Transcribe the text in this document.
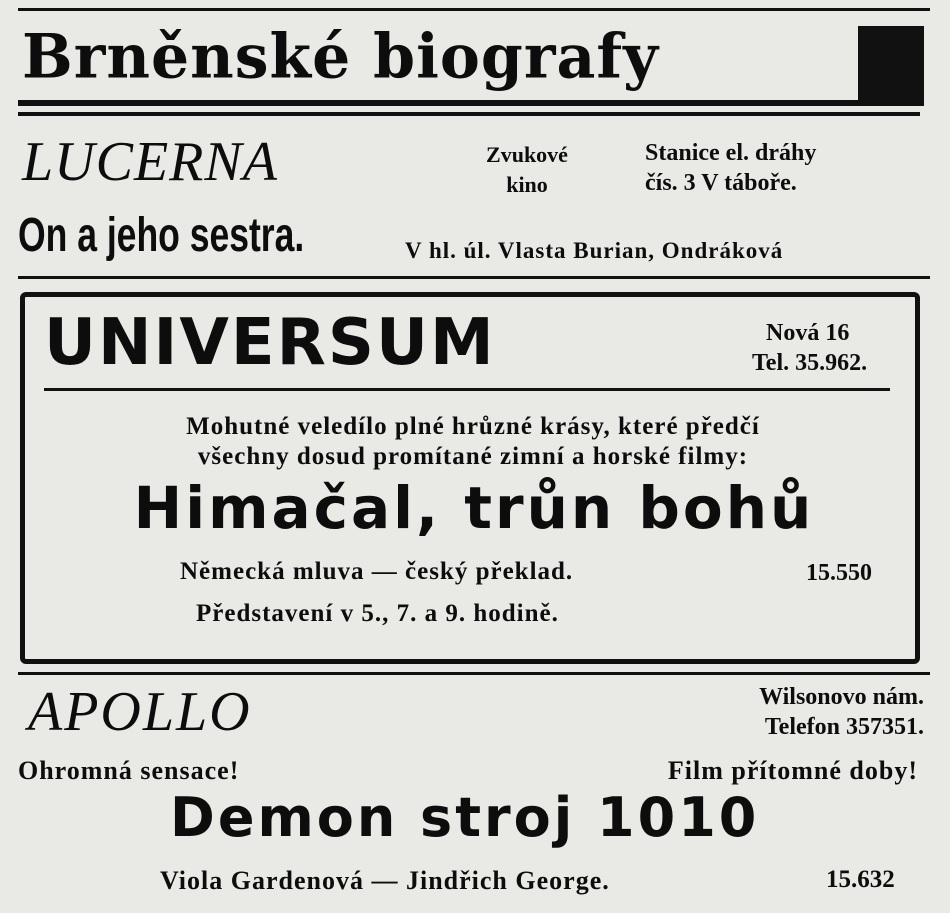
Brněnské biografy
LUCERNA	Zvukové
kino
Stanice el. dráhy
čís. 3 V táboře.
On a jeho sestra.	V hl. úl. Vlasta Burian, Ondráková
UNIVERSUM	Nová 16
Tel. 35.962.
Mohutné veledílo plné hrůzné krásy, které předčí
všechny dosud promítané zimní a horské filmy:
Himačal, trůn bohů
Německá mluva — český překlad.	15.550
Představení v 5., 7. a 9. hodině.
APOLLO	Wilsonovo nám.
Telefon 357351.
Ohromná sensace!	Film přítomné doby!
Demon stroj 1010
Viola Gardenová — Jindřich George.	15.632
